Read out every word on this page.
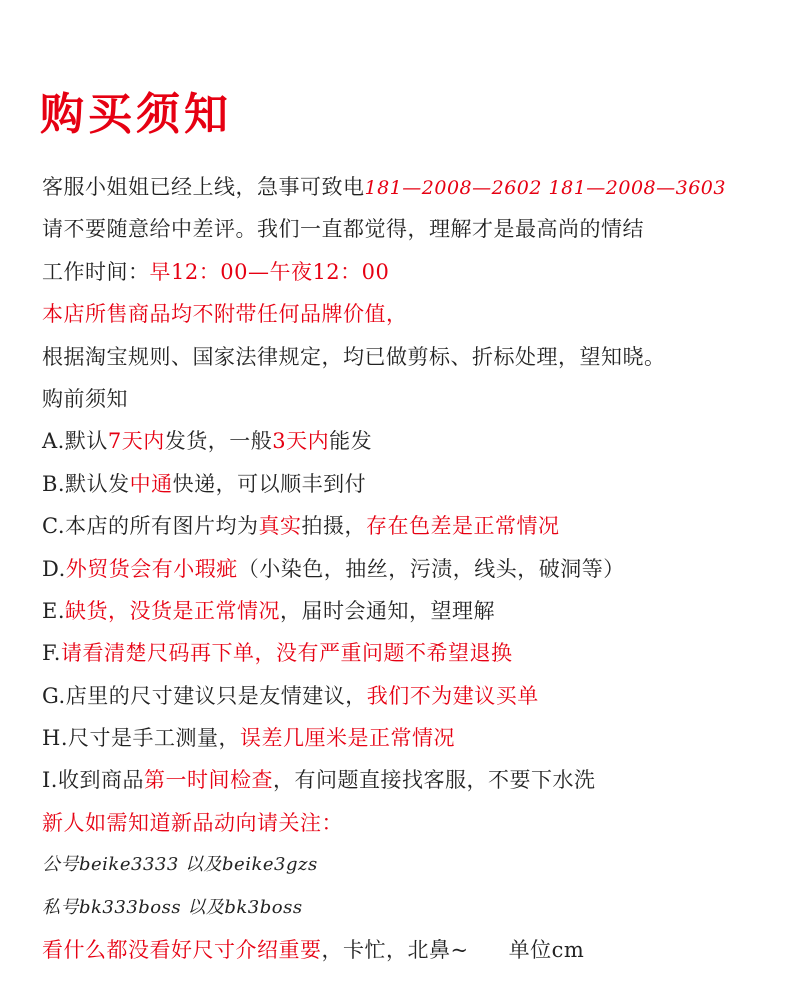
购买须知
客服小姐姐已经上线，急事可致电181—2008—2602 181—2008—3603
请不要随意给中差评。我们一直都觉得，理解才是最高尚的情结
工作时间：早12：00—午夜12：00
本店所售商品均不附带任何品牌价值，
根据淘宝规则、国家法律规定，均已做剪标、折标处理，望知晓。
购前须知
A.默认7天内发货，一般3天内能发
B.默认发中通快递，可以顺丰到付
C.本店的所有图片均为真实拍摄，存在色差是正常情况
D.外贸货会有小瑕疵（小染色，抽丝，污渍，线头，破洞等）
E.缺货，没货是正常情况，届时会通知，望理解
F.请看清楚尺码再下单，没有严重问题不希望退换
G.店里的尺寸建议只是友情建议，我们不为建议买单
H.尺寸是手工测量，误差几厘米是正常情况
I.收到商品第一时间检查，有问题直接找客服，不要下水洗
新人如需知道新品动向请关注：
公号beike3333 以及beike3gzs
私号bk333boss 以及bk3boss
看什么都没看好尺寸介绍重要，卡忙，北鼻~ 单位cm
